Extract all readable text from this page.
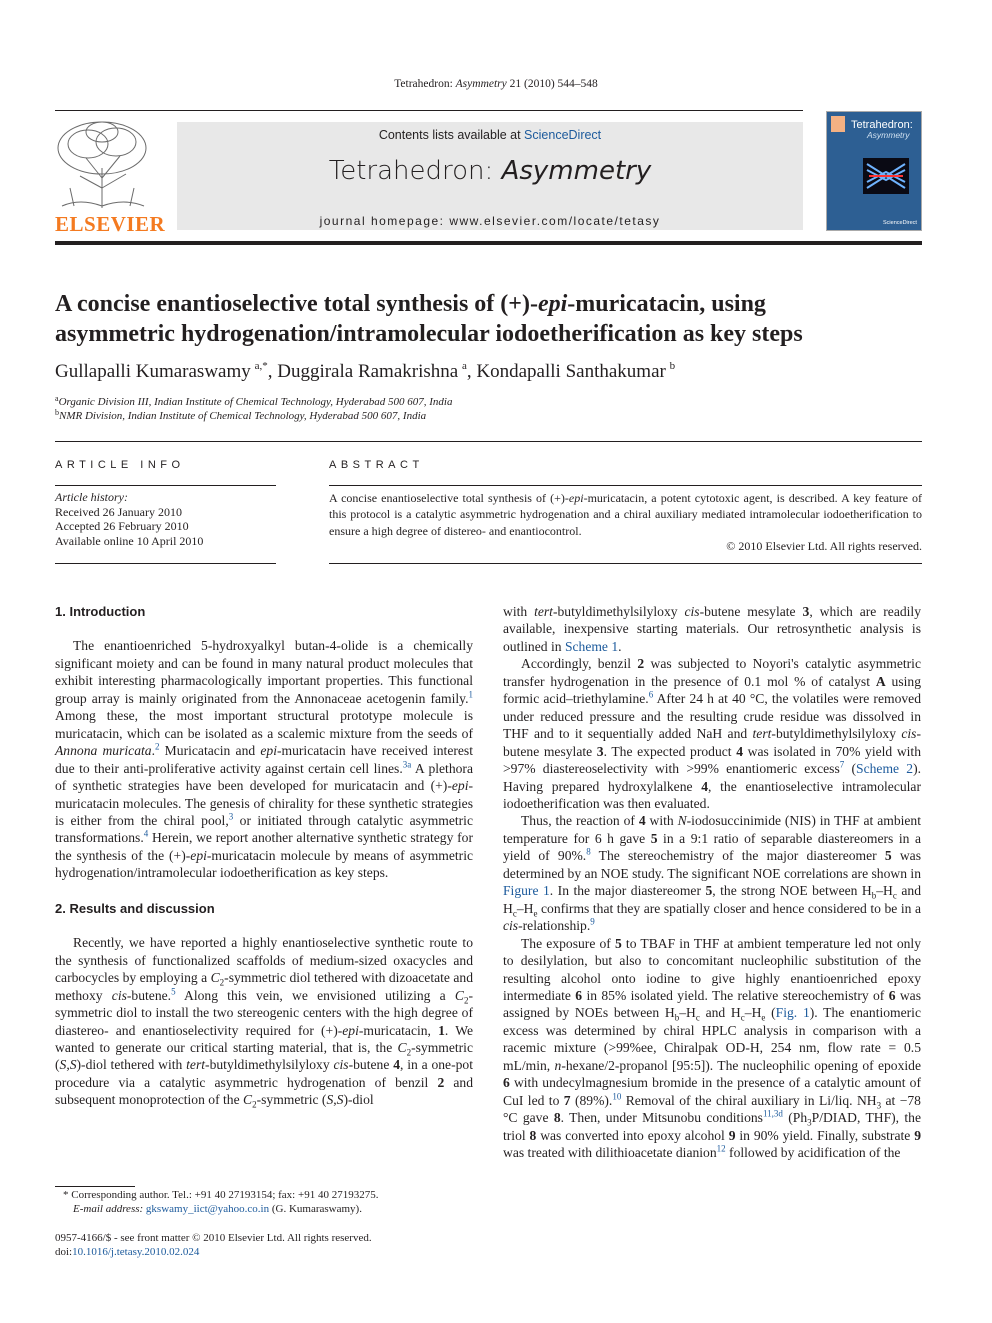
Tetrahedron: Asymmetry 21 (2010) 544–548
ELSEVIER
Contents lists available at ScienceDirect
Tetrahedron: Asymmetry
journal homepage: www.elsevier.com/locate/tetasy
Tetrahedron:
Asymmetry
ScienceDirect
A concise enantioselective total synthesis of (+)-epi-muricatacin, using
asymmetric hydrogenation/intramolecular iodoetherification as key steps
Gullapalli Kumaraswamy  $^{a,*}$, Duggirala Ramakrishna  $^a$, Kondapalli Santhakumar  $^b$
$^a$Organic Division III, Indian Institute of Chemical Technology, Hyderabad 500 607, India
$^b$NMR Division, Indian Institute of Chemical Technology, Hyderabad 500 607, India
ARTICLE INFO
Article history:
Received 26 January 2010
Accepted 26 February 2010
Available online 10 April 2010
ABSTRACT
A concise enantioselective total synthesis of (+)-epi-muricatacin, a potent cytotoxic agent, is described. A key feature of this protocol is a catalytic asymmetric hydrogenation and a chiral auxiliary mediated intramolecular iodoetherification to ensure a high degree of distereo- and enantiocontrol.
© 2010 Elsevier Ltd. All rights reserved.
1. Introduction

The enantioenriched 5-hydroxyalkyl butan-4-olide is a chemically significant moiety and can be found in many natural product molecules that exhibit interesting pharmacologically important properties. This functional group array is mainly originated from the Annonaceae acetogenin family.$^1$ Among these, the most important structural prototype molecule is muricatacin, which can be isolated as a scalemic mixture from the seeds of Annona muricata.$^2$ Muricatacin and epi-muricatacin have received interest due to their anti-proliferative activity against certain cell lines.$^{3a}$ A plethora of synthetic strategies have been developed for muricatacin and (+)-epi-muricatacin molecules. The genesis of chirality for these synthetic strategies is either from the chiral pool,$^3$ or initiated through catalytic asymmetric transformations.$^4$ Herein, we report another alternative synthetic strategy for the synthesis of the (+)-epi-muricatacin molecule by means of asymmetric hydrogenation/intramolecular iodoetherification as key steps.

2. Results and discussion

Recently, we have reported a highly enantioselective synthetic route to the synthesis of functionalized scaffolds of medium-sized oxacycles and carbocycles by employing a $C_2$-symmetric diol tethered with dizoacetate and methoxy cis-butene.$^5$ Along this vein, we envisioned utilizing a $C_2$-symmetric diol to install the two stereogenic centers with the high degree of diastereo- and enantioselectivity required for (+)-epi-muricatacin, 1. We wanted to generate our critical starting material, that is, the $C_2$-symmetric (S,S)-diol tethered with tert-butyldimethylsilyloxy cis-butene 4, in a one-pot procedure via a catalytic asymmetric hydrogenation of benzil 2 and subsequent monoprotection of the $C_2$-symmetric (S,S)-diol

with tert-butyldimethylsilyloxy cis-butene mesylate 3, which are readily available, inexpensive starting materials. Our retrosynthetic analysis is outlined in Scheme 1.

Accordingly, benzil 2 was subjected to Noyori's catalytic asymmetric transfer hydrogenation in the presence of 0.1 mol % of catalyst A using formic acid–triethylamine.$^6$ After 24 h at 40 °C, the volatiles were removed under reduced pressure and the resulting crude residue was dissolved in THF and to it sequentially added NaH and tert-butyldimethylsilyloxy cis-butene mesylate 3. The expected product 4 was isolated in 70% yield with >97% diastereoselectivity with >99% enantiomeric excess$^7$ (Scheme 2). Having prepared hydroxylalkene 4, the enantioselective intramolecular iodoetherification was then evaluated.

Thus, the reaction of 4 with N-iodosuccinimide (NIS) in THF at ambient temperature for 6 h gave 5 in a 9:1 ratio of separable diastereomers in a yield of 90%.$^8$ The stereochemistry of the major diastereomer 5 was determined by an NOE study. The significant NOE correlations are shown in Figure 1. In the major diastereomer 5, the strong NOE between $H_b-H_c$ and $H_c-H_e$ confirms that they are spatially closer and hence considered to be in a cis-relationship.$^9$

The exposure of 5 to TBAF in THF at ambient temperature led not only to desilylation, but also to concomitant nucleophilic substitution of the resulting alcohol onto iodine to give highly enantioenriched epoxy intermediate 6 in 85% isolated yield. The relative stereochemistry of 6 was assigned by NOEs between $H_b-H_c$ and $H_c-H_e$ (Fig. 1). The enantiomeric excess was determined by chiral HPLC analysis in comparison with a racemic mixture (>99%ee, Chiralpak OD-H, 254 nm, flow rate = 0.5 mL/min, n-hexane/2-propanol [95:5]). The nucleophilic opening of epoxide 6 with undecylmagnesium bromide in the presence of a catalytic amount of CuI led to 7 (89%).$^{10}$ Removal of the chiral auxiliary in Li/liq. $NH_3$ at −78 °C gave 8. Then, under Mitsunobu conditions$^{11,3d}$ ($Ph_3P$/DIAD, THF), the triol 8 was converted into epoxy alcohol 9 in 90% yield. Finally, substrate 9 was treated with dilithioacetate dianion$^{12}$ followed by acidification of the

* Corresponding author. Tel.: +91 40 27193154; fax: +91 40 27193275.
E-mail address: gkswamy_iict@yahoo.co.in (G. Kumaraswamy).
0957-4166/$ - see front matter © 2010 Elsevier Ltd. All rights reserved.
doi:10.1016/j.tetasy.2010.02.024
